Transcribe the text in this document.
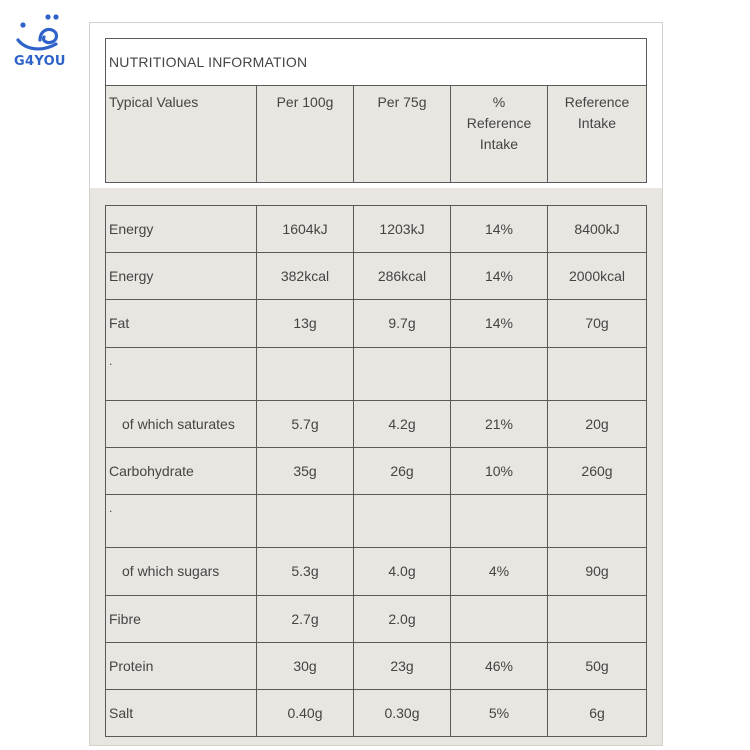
G4YOU	NUTRITIONAL INFORMATION
Typical Values	Per 100g	Per 75g	% Reference Intake	Reference Intake
Energy	1604kJ	1203kJ	14%	8400kJ
Energy	382kcal	286kcal	14%	2000kcal
Fat	13g	9.7g	14%	70g
.				
of which saturates	5.7g	4.2g	21%	20g
Carbohydrate	35g	26g	10%	260g
.				
of which sugars	5.3g	4.0g	4%	90g
Fibre	2.7g	2.0g		
Protein	30g	23g	46%	50g
Salt	0.40g	0.30g	5%	6g
